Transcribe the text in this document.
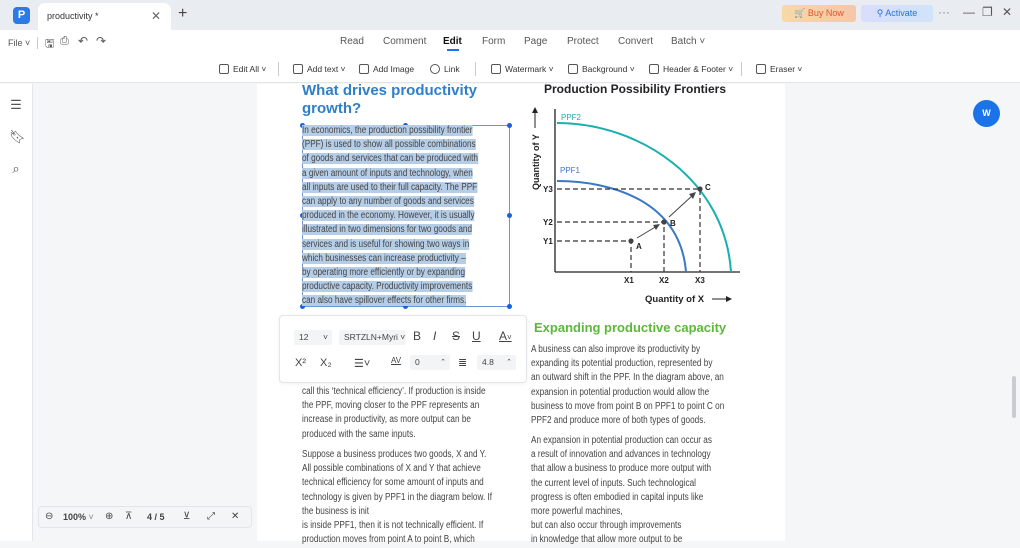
P	productivity *	✕ +	🛒 Buy Now	⚲ Activate	··· — ❐ ✕
File ˅ 🖫 ⎙ ↶ ↷	Read Comment Edit Form Page Protect Convert Batch ˅
Edit All ˅	Add text ˅	Add Image	Link	Watermark ˅	Background ˅	Header & Footer ˅	Eraser ˅
☰
🔖︎
⌕
What drives productivity
growth?
In economics, the production possibility frontier
(PPF) is used to show all possible combinations
of goods and services that can be produced with
a given amount of inputs and technology, when
all inputs are used to their full capacity. The PPF
can apply to any number of goods and services
produced in the economy. However, it is usually
illustrated in two dimensions for two goods and
services and is useful for showing two ways in
which businesses can increase productivity –
by operating more efficiently or by expanding
productive capacity. Productivity improvements
can also have spillover effects for other firms.
call this ‘technical efficiency’. If production is inside
the PPF, moving closer to the PPF represents an
increase in productivity, as more output can be
produced with the same inputs.
Suppose a business produces two goods, X and Y.
All possible combinations of X and Y that achieve
technical efficiency for some amount of inputs and
technology is given by PPF1 in the diagram below. If
the business is init
is inside PPF1, then it is not technically efficient. If
production moves from point A to point B, which
Expanding productive capacity
A business can also improve its productivity by
expanding its potential production, represented by
an outward shift in the PPF. In the diagram above, an
expansion in potential production would allow the
business to move from point B on PPF1 to point C on
PPF2 and produce more of both types of goods.
An expansion in potential production can occur as
a result of innovation and advances in technology
that allow a business to produce more output with
the current level of inputs. Such technological
progress is often embodied in capital inputs like
more powerful machines,
but can also occur through improvements
in knowledge that allow more output to be
Production Possibility Frontiers
Quantity of Y
Quantity of X
PPF2
PPF1
Y3
Y2
Y1
X1	X2	X3
A
B
C
12 ˅	SRTZLN+Myri ˅ B I S U A˅
X² X₂ ☰˅	AV	0	⌃ ≣	4.8 ⌃
⊖ 100% ˅ ⊕ ⊼ 4 / 5 ⊻ ⤢ ✕
W
